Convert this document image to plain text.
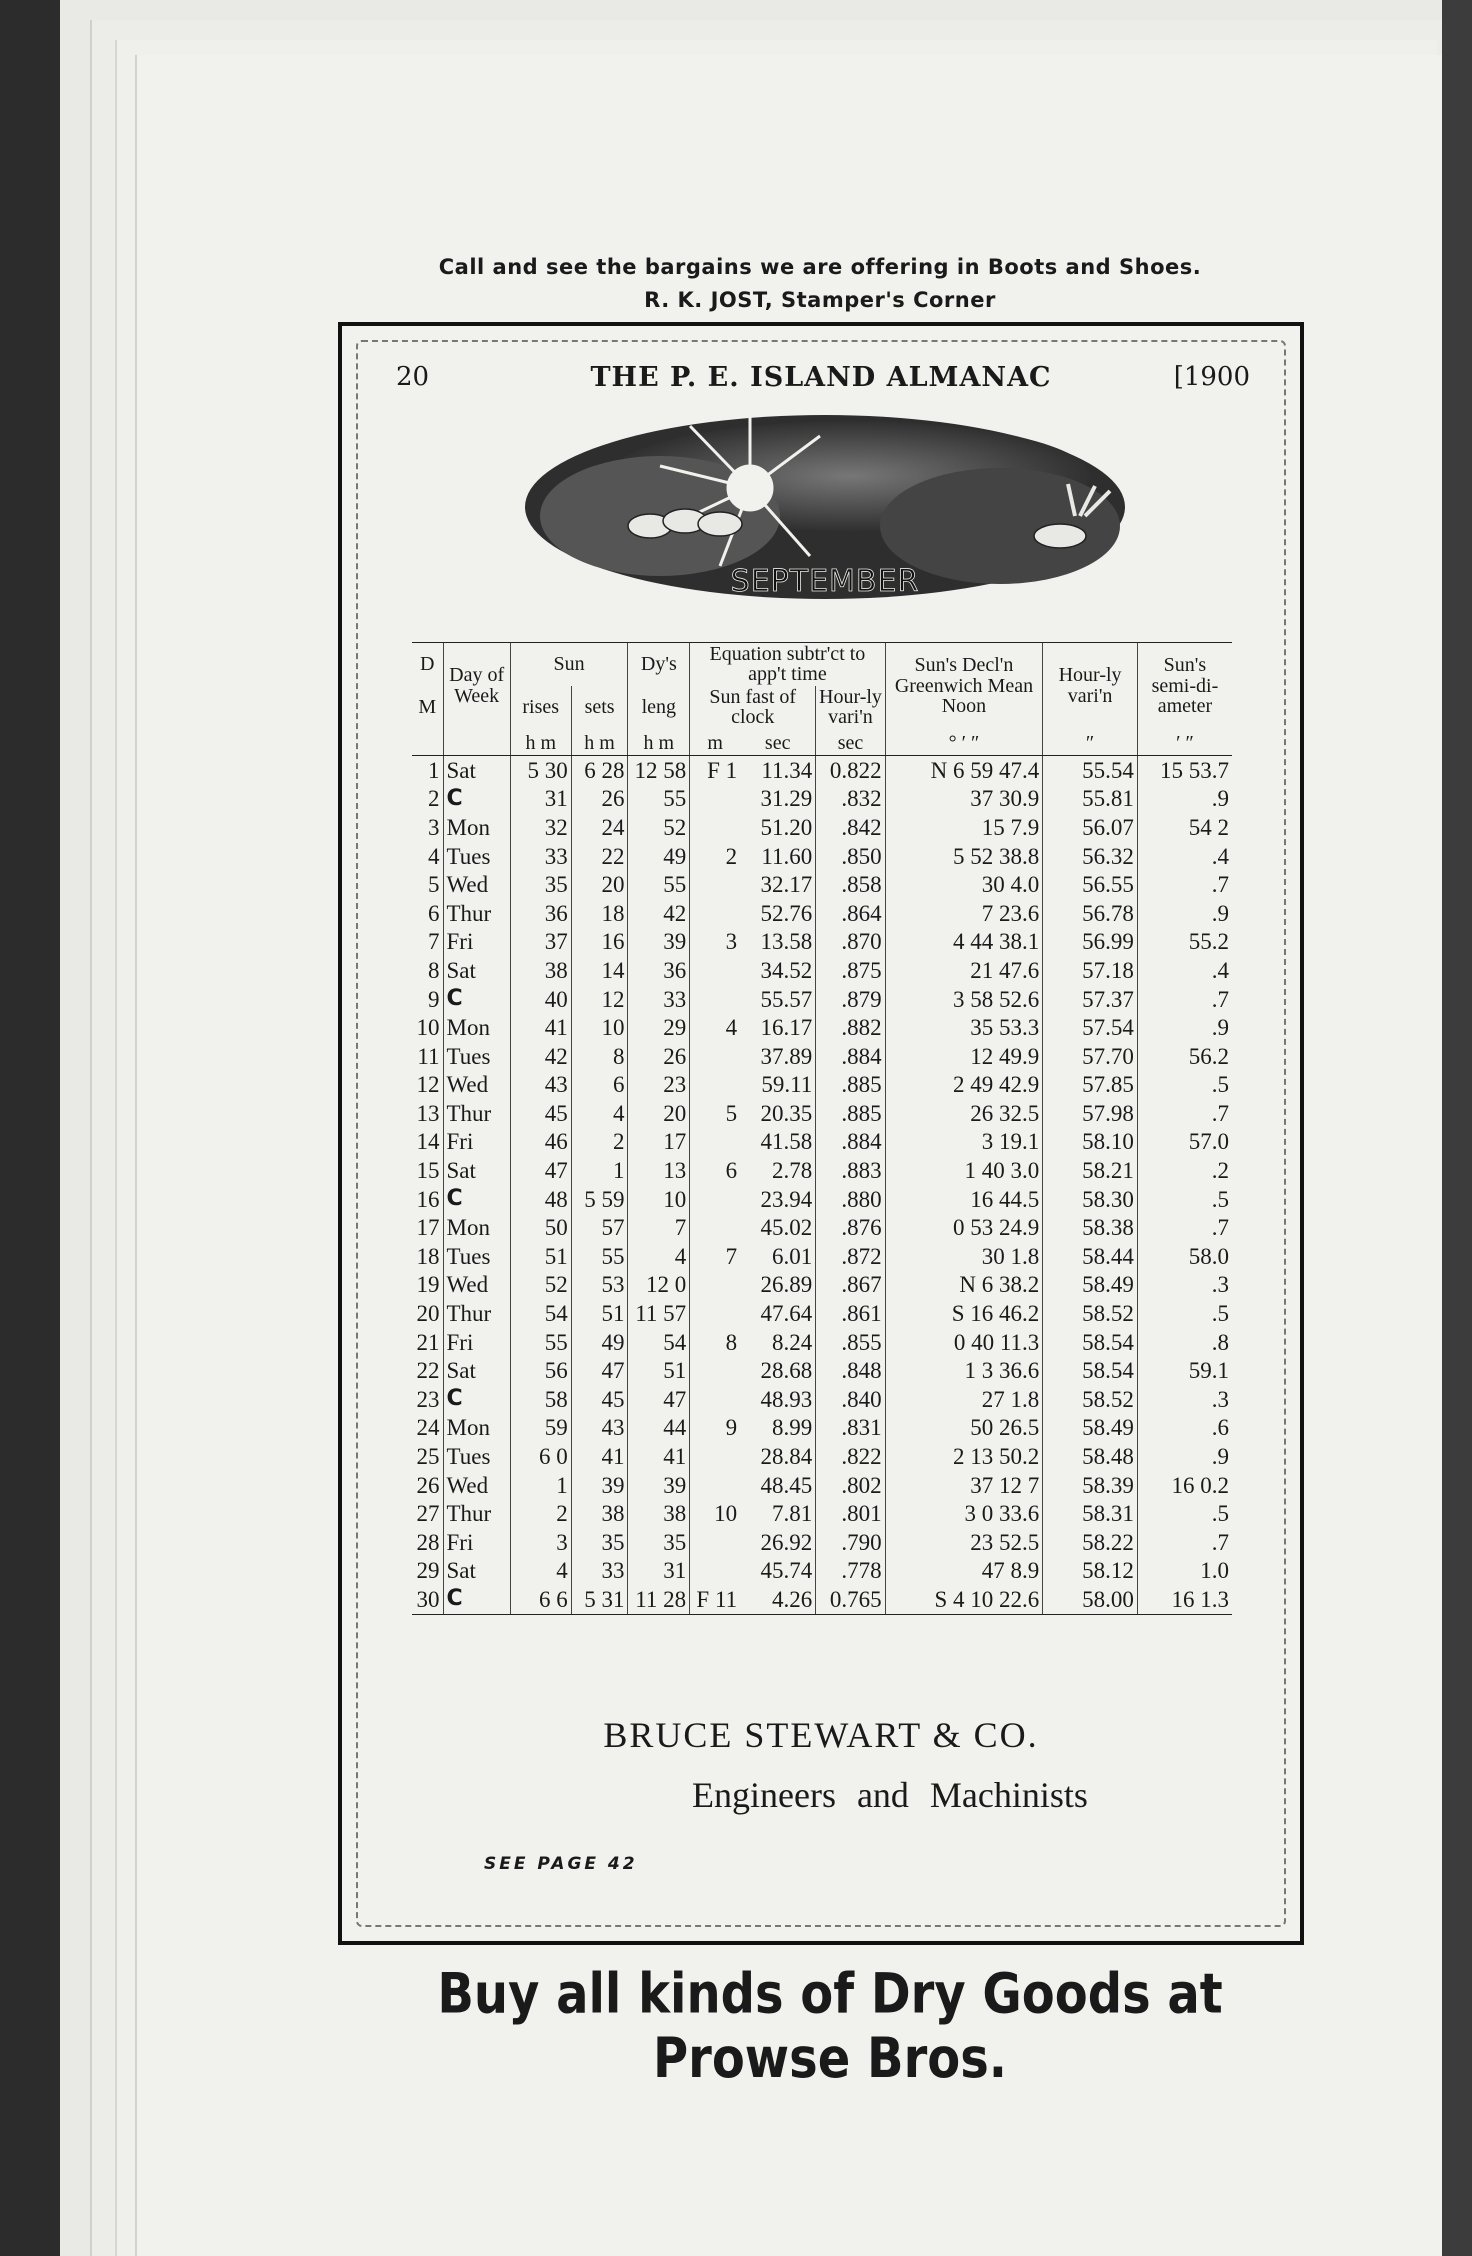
Call and see the bargains we are offering in Boots and Shoes.
R. K. JOST, Stamper's Corner
20	THE P. E. ISLAND ALMANAC	[1900
SEPTEMBER
D	Day of Week	Sun		Dy's	Equation subtr'ct to app't time			Sun's Decl'n Greenwich Mean Noon	Hour-ly vari'n	Sun's semi-di-ameter
M		rises	sets	leng	Sun fast of clock		Hour-ly vari'n			
		h m	h m	h m	m	sec	sec	° ′ ″	″	′ ″
1	Sat	5 30	6 28	12 58	F 1	11.34	0.822	N 6 59 47.4	55.54	15 53.7
2	C	31	26	55		31.29	.832	37 30.9	55.81	.9
3	Mon	32	24	52		51.20	.842	15 7.9	56.07	54 2
4	Tues	33	22	49	2	11.60	.850	5 52 38.8	56.32	.4
5	Wed	35	20	55		32.17	.858	30 4.0	56.55	.7
6	Thur	36	18	42		52.76	.864	7 23.6	56.78	.9
7	Fri	37	16	39	3	13.58	.870	4 44 38.1	56.99	55.2
8	Sat	38	14	36		34.52	.875	21 47.6	57.18	.4
9	C	40	12	33		55.57	.879	3 58 52.6	57.37	.7
10	Mon	41	10	29	4	16.17	.882	35 53.3	57.54	.9
11	Tues	42	8	26		37.89	.884	12 49.9	57.70	56.2
12	Wed	43	6	23		59.11	.885	2 49 42.9	57.85	.5
13	Thur	45	4	20	5	20.35	.885	26 32.5	57.98	.7
14	Fri	46	2	17		41.58	.884	3 19.1	58.10	57.0
15	Sat	47	1	13	6	2.78	.883	1 40 3.0	58.21	.2
16	C	48	5 59	10		23.94	.880	16 44.5	58.30	.5
17	Mon	50	57	7		45.02	.876	0 53 24.9	58.38	.7
18	Tues	51	55	4	7	6.01	.872	30 1.8	58.44	58.0
19	Wed	52	53	12 0		26.89	.867	N 6 38.2	58.49	.3
20	Thur	54	51	11 57		47.64	.861	S 16 46.2	58.52	.5
21	Fri	55	49	54	8	8.24	.855	0 40 11.3	58.54	.8
22	Sat	56	47	51		28.68	.848	1 3 36.6	58.54	59.1
23	C	58	45	47		48.93	.840	27 1.8	58.52	.3
24	Mon	59	43	44	9	8.99	.831	50 26.5	58.49	.6
25	Tues	6 0	41	41		28.84	.822	2 13 50.2	58.48	.9
26	Wed	1	39	39		48.45	.802	37 12 7	58.39	16 0.2
27	Thur	2	38	38	10	7.81	.801	3 0 33.6	58.31	.5
28	Fri	3	35	35		26.92	.790	23 52.5	58.22	.7
29	Sat	4	33	31		45.74	.778	47 8.9	58.12	1.0
30	C	6 6	5 31	11 28	F 11	4.26	0.765	S 4 10 22.6	58.00	16 1.3
BRUCE STEWART & CO.
Engineers and Machinists
SEE PAGE 42
Buy all kinds of Dry Goods at Prowse Bros.
